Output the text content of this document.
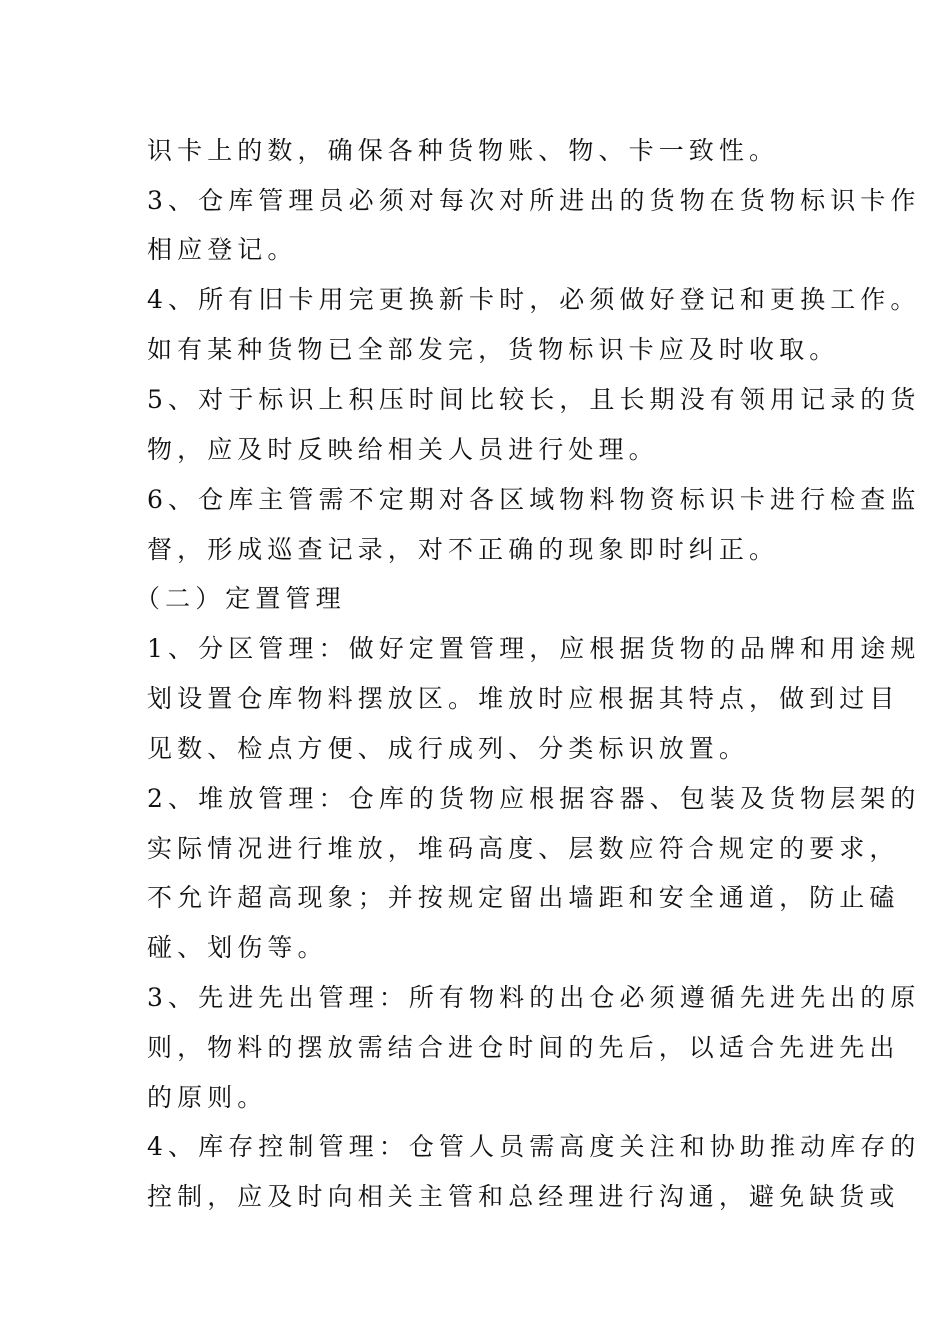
识卡上的数，确保各种货物账、物、卡一致性。
3、仓库管理员必须对每次对所进出的货物在货物标识卡作
相应登记。
4、所有旧卡用完更换新卡时，必须做好登记和更换工作。
如有某种货物已全部发完，货物标识卡应及时收取。
5、对于标识上积压时间比较长，且长期没有领用记录的货
物，应及时反映给相关人员进行处理。
6、仓库主管需不定期对各区域物料物资标识卡进行检查监
督，形成巡查记录，对不正确的现象即时纠正。
（二）定置管理
1、分区管理：做好定置管理，应根据货物的品牌和用途规
划设置仓库物料摆放区。堆放时应根据其特点，做到过目
见数、检点方便、成行成列、分类标识放置。
2、堆放管理：仓库的货物应根据容器、包装及货物层架的
实际情况进行堆放，堆码高度、层数应符合规定的要求，
不允许超高现象；并按规定留出墙距和安全通道，防止磕
碰、划伤等。
3、先进先出管理：所有物料的出仓必须遵循先进先出的原
则，物料的摆放需结合进仓时间的先后，以适合先进先出
的原则。
4、库存控制管理：仓管人员需高度关注和协助推动库存的
控制，应及时向相关主管和总经理进行沟通，避免缺货或
